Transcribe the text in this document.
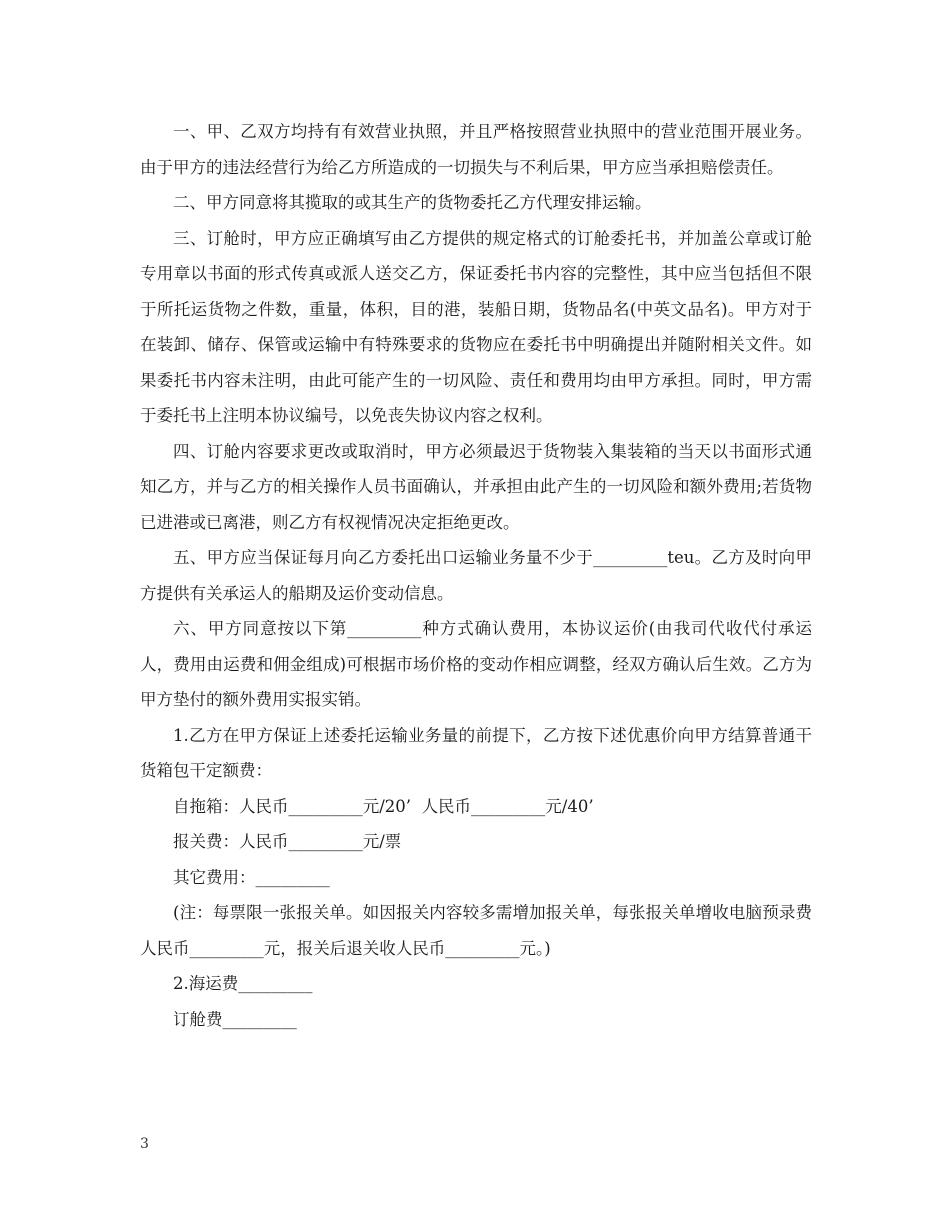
一、甲、乙双方均持有有效营业执照，并且严格按照营业执照中的营业范围开展业务。由于甲方的违法经营行为给乙方所造成的一切损失与不利后果，甲方应当承担赔偿责任。

二、甲方同意将其揽取的或其生产的货物委托乙方代理安排运输。

三、订舱时，甲方应正确填写由乙方提供的规定格式的订舱委托书，并加盖公章或订舱专用章以书面的形式传真或派人送交乙方，保证委托书内容的完整性，其中应当包括但不限于所托运货物之件数，重量，体积，目的港，装船日期，货物品名(中英文品名)。甲方对于在装卸、储存、保管或运输中有特殊要求的货物应在委托书中明确提出并随附相关文件。如果委托书内容未注明，由此可能产生的一切风险、责任和费用均由甲方承担。同时，甲方需于委托书上注明本协议编号，以免丧失协议内容之权利。

四、订舱内容要求更改或取消时，甲方必须最迟于货物装入集装箱的当天以书面形式通知乙方，并与乙方的相关操作人员书面确认，并承担由此产生的一切风险和额外费用;若货物已进港或已离港，则乙方有权视情况决定拒绝更改。

五、甲方应当保证每月向乙方委托出口运输业务量不少于_________teu。乙方及时向甲方提供有关承运人的船期及运价变动信息。

六、甲方同意按以下第_________种方式确认费用，本协议运价(由我司代收代付承运人，费用由运费和佣金组成)可根据市场价格的变动作相应调整，经双方确认后生效。乙方为甲方垫付的额外费用实报实销。

1.乙方在甲方保证上述委托运输业务量的前提下，乙方按下述优惠价向甲方结算普通干货箱包干定额费：

自拖箱：人民币_________元/20’  人民币_________元/40’

报关费：人民币_________元/票

其它费用：_________

(注：每票限一张报关单。如因报关内容较多需增加报关单，每张报关单增收电脑预录费人民币_________元，报关后退关收人民币_________元。)

2.海运费_________

订舱费_________

3
